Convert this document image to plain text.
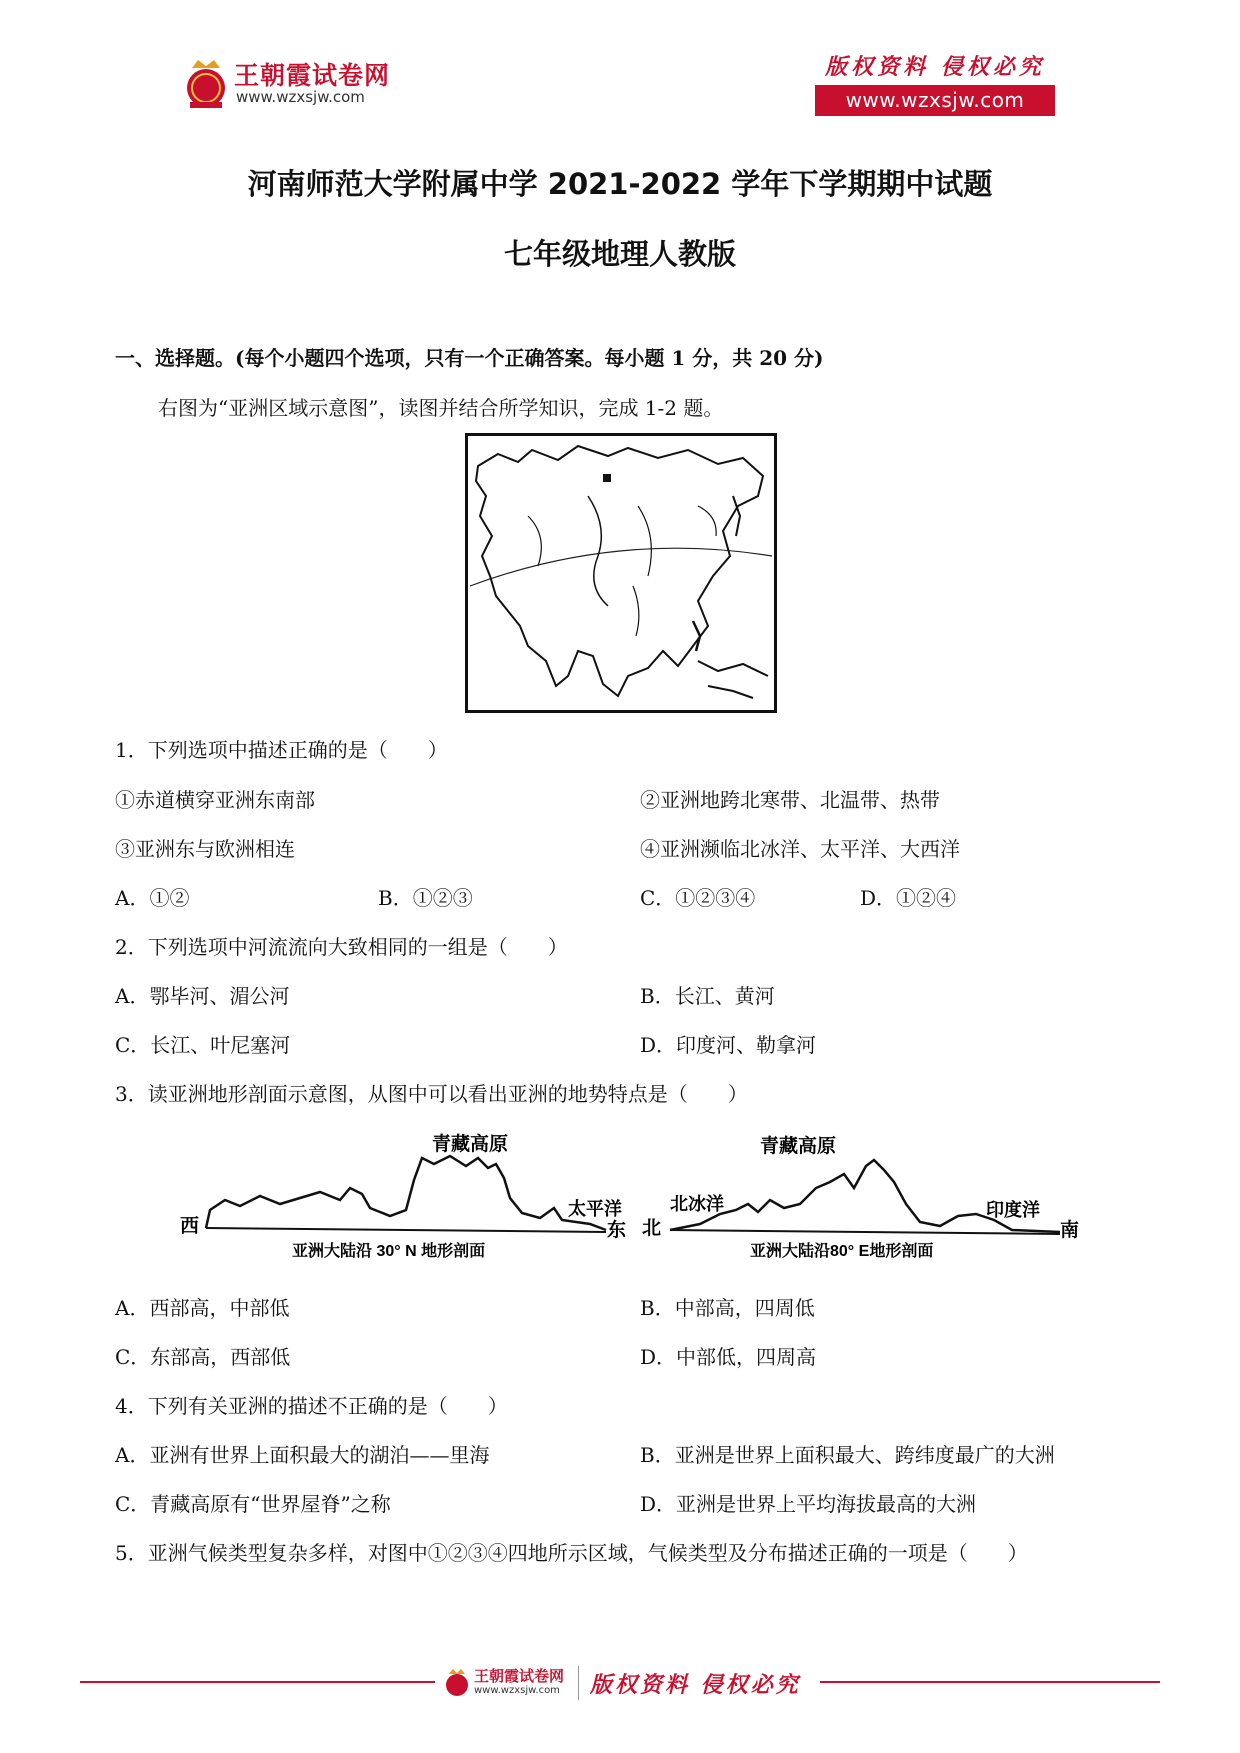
王朝霞试卷网
www.wzxsjw.com
版权资料 侵权必究
www.wzxsjw.com
河南师范大学附属中学 2021-2022 学年下学期期中试题
七年级地理人教版
一、选择题。(每个小题四个选项，只有一个正确答案。每小题 1 分，共 20 分)
右图为“亚洲区域示意图”，读图并结合所学知识，完成 1-2 题。
1．下列选项中描述正确的是（　　）
①赤道横穿亚洲东南部	②亚洲地跨北寒带、北温带、热带
③亚洲东与欧洲相连	④亚洲濒临北冰洋、太平洋、大西洋
A．①②	B．①②③	C．①②③④	D．①②④
2．下列选项中河流流向大致相同的一组是（　　）
A．鄂毕河、湄公河	B．长江、黄河
C．长江、叶尼塞河	D．印度河、勒拿河
3．读亚洲地形剖面示意图，从图中可以看出亚洲的地势特点是（　　）
青藏高原
西
太平洋
东
亚洲大陆沿 30° N 地形剖面
青藏高原
北
北冰洋	印度洋
南
亚洲大陆沿80° E地形剖面
A．西部高，中部低	B．中部高，四周低
C．东部高，西部低	D．中部低，四周高
4．下列有关亚洲的描述不正确的是（　　）
A．亚洲有世界上面积最大的湖泊——里海	B．亚洲是世界上面积最大、跨纬度最广的大洲
C．青藏高原有“世界屋脊”之称	D．亚洲是世界上平均海拔最高的大洲
5．亚洲气候类型复杂多样，对图中①②③④四地所示区域，气候类型及分布描述正确的一项是（　　）
王朝霞试卷网
www.wzxsjw.com 版权资料 侵权必究
